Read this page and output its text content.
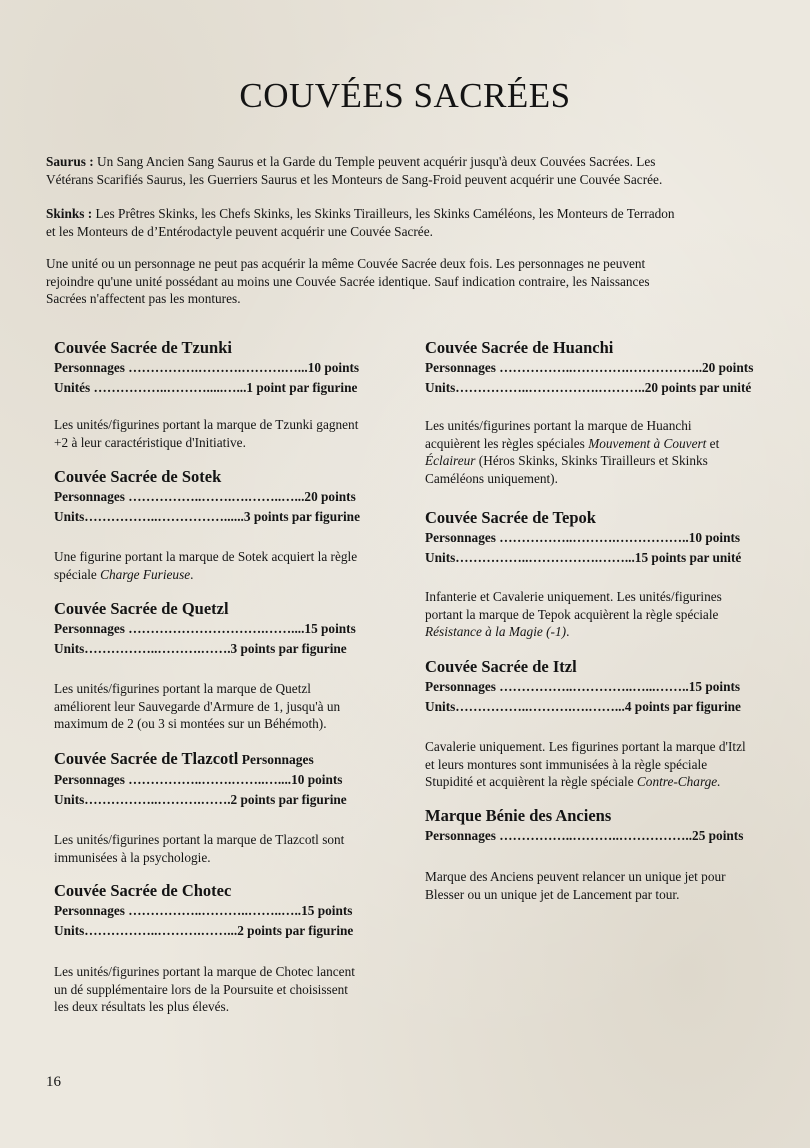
COUVÉES SACRÉES

Saurus : Un Sang Ancien Sang Saurus et la Garde du Temple peuvent acquérir jusqu'à deux Couvées Sacrées. Les
Vétérans Scarifiés Saurus, les Guerriers Saurus et les Monteurs de Sang-Froid peuvent acquérir une Couvée Sacrée.

Skinks : Les Prêtres Skinks, les Chefs Skinks, les Skinks Tirailleurs, les Skinks Caméléons, les Monteurs de Terradon
et les Monteurs de d’Entérodactyle peuvent acquérir une Couvée Sacrée.

Une unité ou un personnage ne peut pas acquérir la même Couvée Sacrée deux fois. Les personnages ne peuvent
rejoindre qu'une unité possédant au moins une Couvée Sacrée identique. Sauf indication contraire, les Naissances
Sacrées n'affectent pas les montures.

Couvée Sacrée de Tzunki

Personnages …………….……….……….…...10 points

Unités ……………..……….....…...1 point par figurine

Les unités/figurines portant la marque de Tzunki gagnent
+2 à leur caractéristique d'Initiative.

Couvée Sacrée de Sotek

Personnages ……………..…….….……..…...20 points

Units……………..……………......3 points par figurine

Une figurine portant la marque de Sotek acquiert la règle
spéciale Charge Furieuse.

Couvée Sacrée de Quetzl

Personnages ………………………….……....15 points

Units……………..……….…….3 points par figurine

Les unités/figurines portant la marque de Quetzl
améliorent leur Sauvegarde d'Armure de 1, jusqu'à un
maximum de 2 (ou 3 si montées sur un Béhémoth).

Couvée Sacrée de Tlazcotl Personnages

Personnages ……………..…….……..…....10 points

Units……………..……….…….2 points par figurine

Les unités/figurines portant la marque de Tlazcotl sont
immunisées à la psychologie.

Couvée Sacrée de Chotec

Personnages ……………..………..……..…..15 points

Units……………..……….……...2 points par figurine

Les unités/figurines portant la marque de Chotec lancent
un dé supplémentaire lors de la Poursuite et choisissent
les deux résultats les plus élevés.

Couvée Sacrée de Huanchi

Personnages ……………..………….……………..20 points

Units……………..…………….………..20 points par unité

Les unités/figurines portant la marque de Huanchi
acquièrent les règles spéciales Mouvement à Couvert et
Éclaireur (Héros Skinks, Skinks Tirailleurs et Skinks
Caméléons uniquement).

Couvée Sacrée de Tepok

Personnages ……………..……….……………..10 points

Units……………..…………….……...15 points par unité

Infanterie et Cavalerie uniquement. Les unités/figurines
portant la marque de Tepok acquièrent la règle spéciale
Résistance à la Magie (-1).

Couvée Sacrée de Itzl

Personnages ……………..…………..…...……..15 points

Units……………..……….….……...4 points par figurine

Cavalerie uniquement. Les figurines portant la marque d'Itzl
et leurs montures sont immunisées à la règle spéciale
Stupidité et acquièrent la règle spéciale Contre-Charge.

Marque Bénie des Anciens

Personnages ……………..………..……………..25 points

Marque des Anciens peuvent relancer un unique jet pour
Blesser ou un unique jet de Lancement par tour.

16
